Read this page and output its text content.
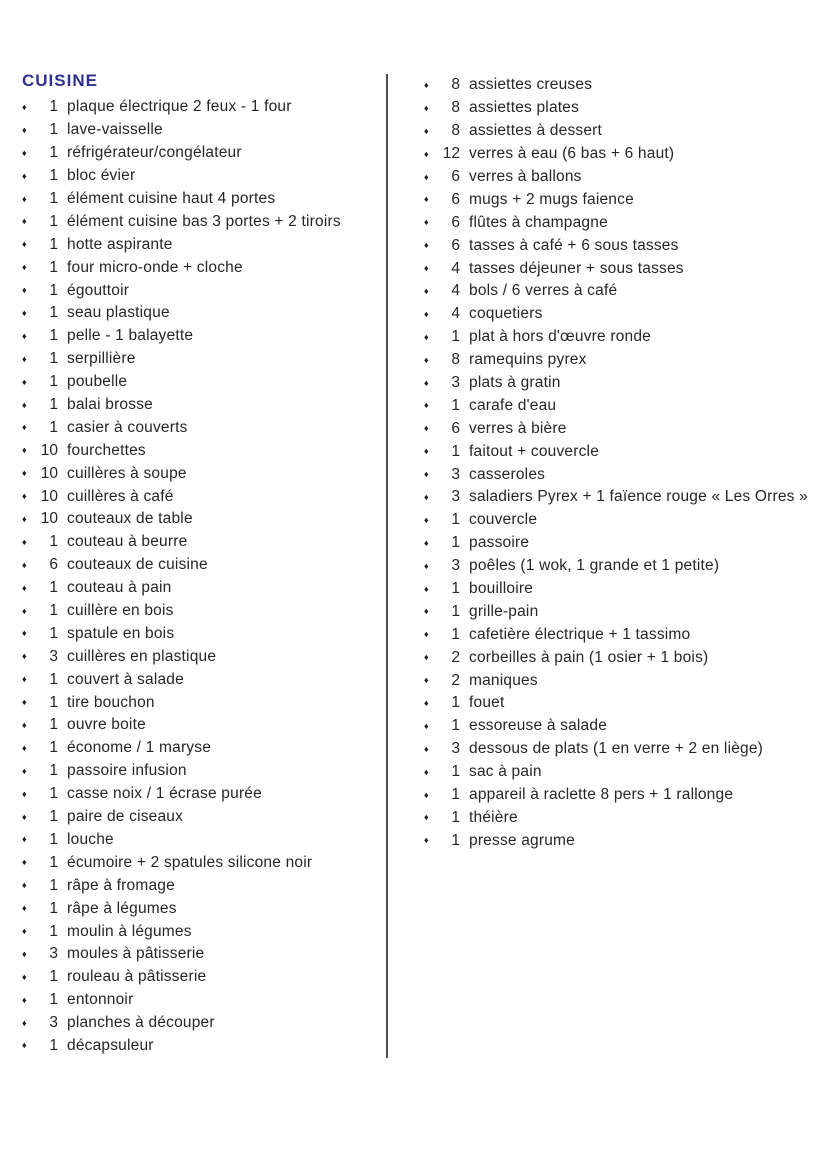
CUISINE
♦	1 plaque électrique 2 feux - 1 four
♦	1 lave-vaisselle
♦	1 réfrigérateur/congélateur
♦	1 bloc évier
♦	1 élément cuisine haut 4 portes
♦	1 élément cuisine bas 3 portes + 2 tiroirs
♦	1 hotte aspirante
♦	1 four micro-onde + cloche
♦	1 égouttoir
♦	1 seau plastique
♦	1 pelle - 1 balayette
♦	1 serpillière
♦	1 poubelle
♦	1 balai brosse
♦	1 casier à couverts
♦ 10 fourchettes
♦ 10 cuillères à soupe
♦ 10 cuillères à café
♦ 10 couteaux de table
♦	1 couteau à beurre
♦	6 couteaux de cuisine
♦	1 couteau à pain
♦	1 cuillère en bois
♦	1 spatule en bois
♦	3 cuillères en plastique
♦	1 couvert à salade
♦	1 tire bouchon
♦	1 ouvre boite
♦	1 économe / 1 maryse
♦	1 passoire infusion
♦	1 casse noix / 1 écrase purée
♦	1 paire de ciseaux
♦	1 louche
♦	1 écumoire + 2 spatules silicone noir
♦	1 râpe à fromage
♦	1 râpe à légumes
♦	1 moulin à légumes
♦	3 moules à pâtisserie
♦	1 rouleau à pâtisserie
♦	1 entonnoir
♦	3 planches à découper
♦	1 décapsuleur
♦	8 assiettes creuses
♦	8 assiettes plates
♦	8 assiettes à dessert
♦ 12 verres à eau (6 bas + 6 haut)
♦	6 verres à ballons
♦	6 mugs + 2 mugs faience
♦	6 flûtes à champagne
♦	6 tasses à café + 6 sous tasses
♦	4 tasses déjeuner + sous tasses
♦	4 bols / 6 verres à café
♦	4 coquetiers
♦	1 plat à hors d'œuvre ronde
♦	8 ramequins pyrex
♦	3 plats à gratin
♦	1 carafe d'eau
♦	6 verres à bière
♦	1 faitout + couvercle
♦	3 casseroles
♦	3 saladiers Pyrex + 1 faïence rouge « Les Orres »
♦	1 couvercle
♦	1 passoire
♦	3 poêles (1 wok, 1 grande et 1 petite)
♦	1 bouilloire
♦	1 grille-pain
♦	1 cafetière électrique + 1 tassimo
♦	2 corbeilles à pain (1 osier + 1 bois)
♦	2 maniques
♦	1 fouet
♦	1 essoreuse à salade
♦	3 dessous de plats (1 en verre + 2 en liège)
♦	1 sac à pain
♦	1 appareil à raclette 8 pers + 1 rallonge
♦	1 théière
♦	1 presse agrume
